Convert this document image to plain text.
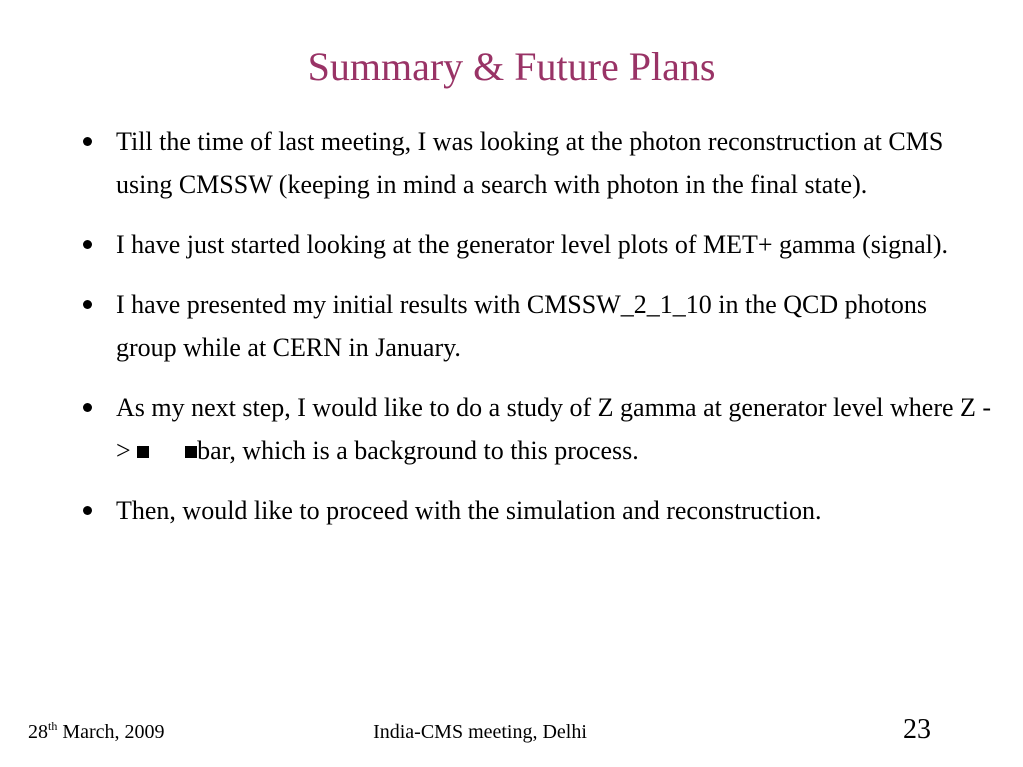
Summary & Future Plans
Till the time of last meeting, I was looking at the photon reconstruction at CMS using CMSSW (keeping in mind a search with photon in the final state).
I have just started looking at the generator level plots of MET+ gamma (signal).
I have presented my initial results with CMSSW_2_1_10 in the QCD photons group while at CERN in January.
As my next step, I would like to do a study of Z gamma at generator level where Z -> bar, which is a background to this process.
Then, would like to proceed with the simulation and reconstruction.
28th March, 2009	India-CMS meeting, Delhi	23
